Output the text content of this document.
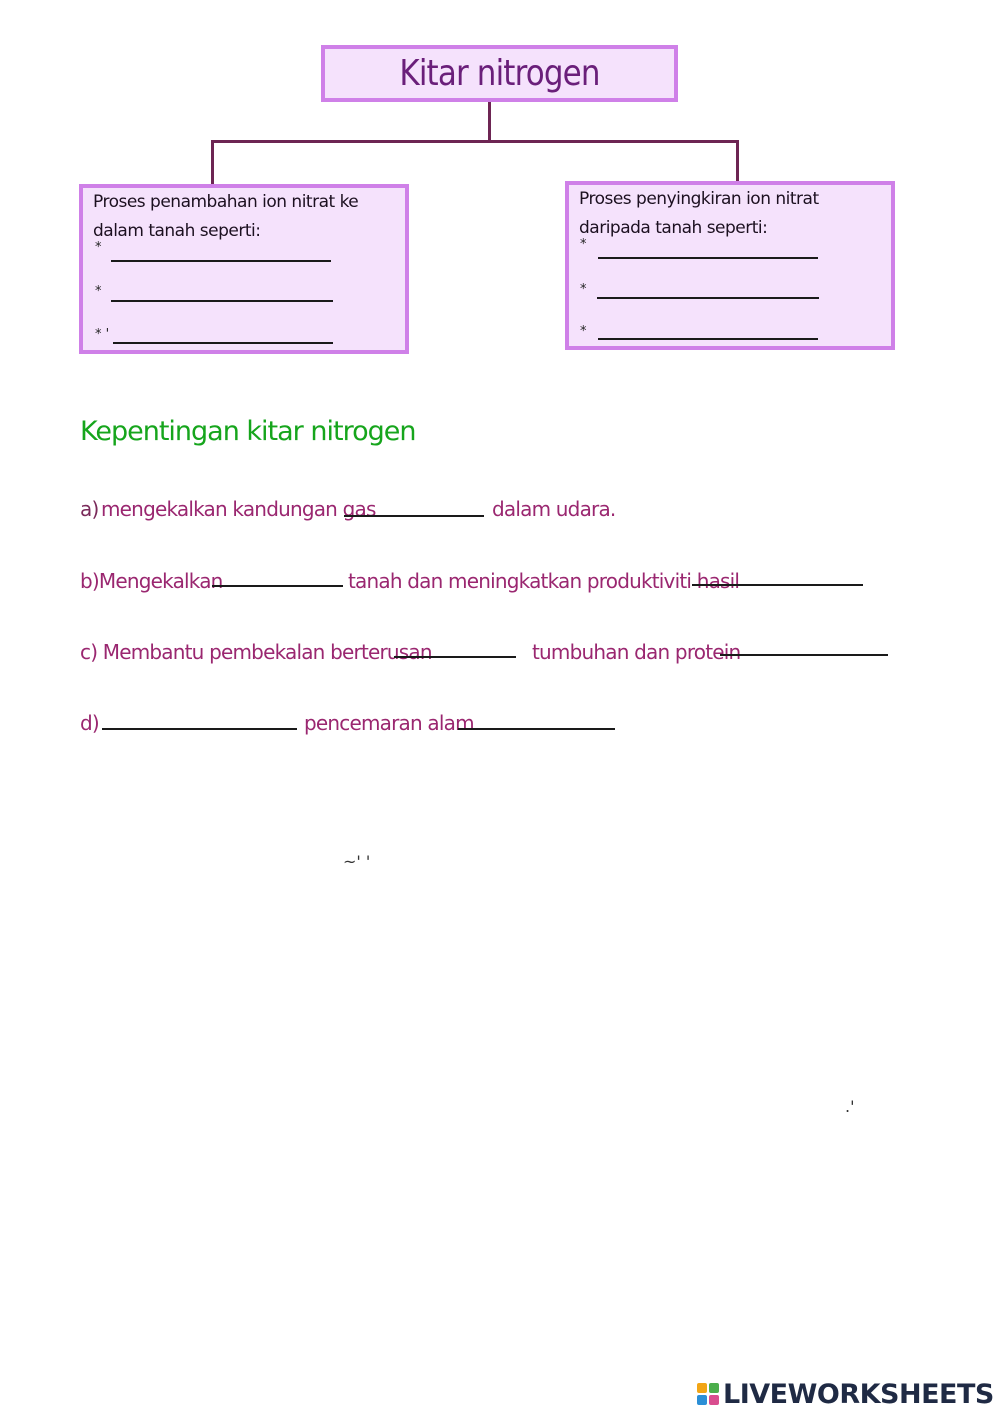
Kitar nitrogen
Proses penambahan ion nitrat ke dalam tanah seperti:
*
*
* '
Proses penyingkiran ion nitrat daripada tanah seperti:
*
*
*
Kepentingan kitar nitrogen
a) mengekalkan kandungan gas	dalam udara.
b)Mengekalkan	tanah dan meningkatkan produktiviti hasil
c) Membantu pembekalan berterusan	tumbuhan dan protein
d)	pencemaran alam
~' '
.'
LIVEWORKSHEETS
